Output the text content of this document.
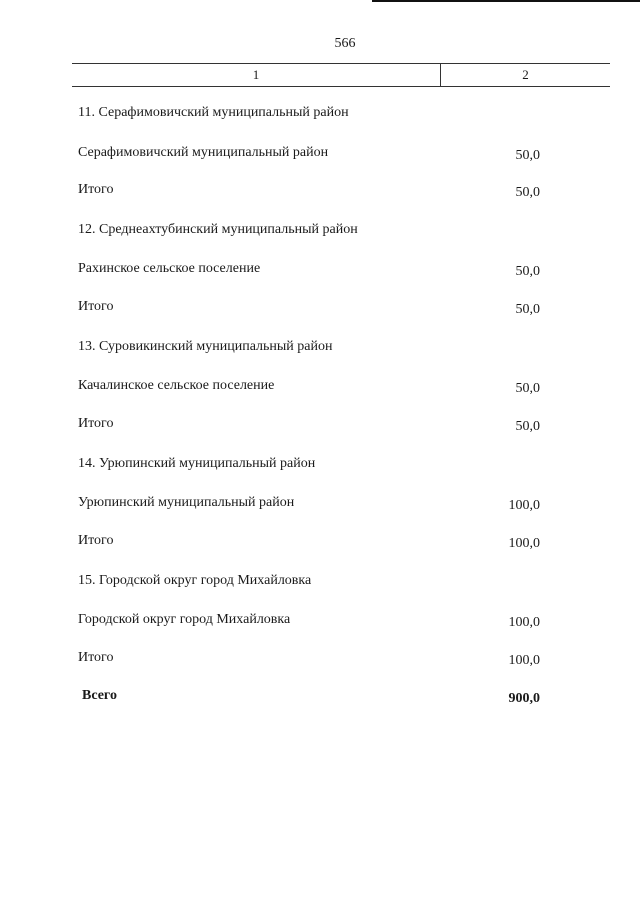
566
1	2
11. Серафимовичский муниципальный район
Серафимовичский муниципальный район	50,0
Итого	50,0
12. Среднеахтубинский муниципальный район
Рахинское сельское поселение	50,0
Итого	50,0
13. Суровикинский муниципальный район
Качалинское сельское поселение	50,0
Итого	50,0
14. Урюпинский муниципальный район
Урюпинский муниципальный район	100,0
Итого	100,0
15. Городской округ город Михайловка
Городской округ город Михайловка	100,0
Итого	100,0
Всего	900,0
